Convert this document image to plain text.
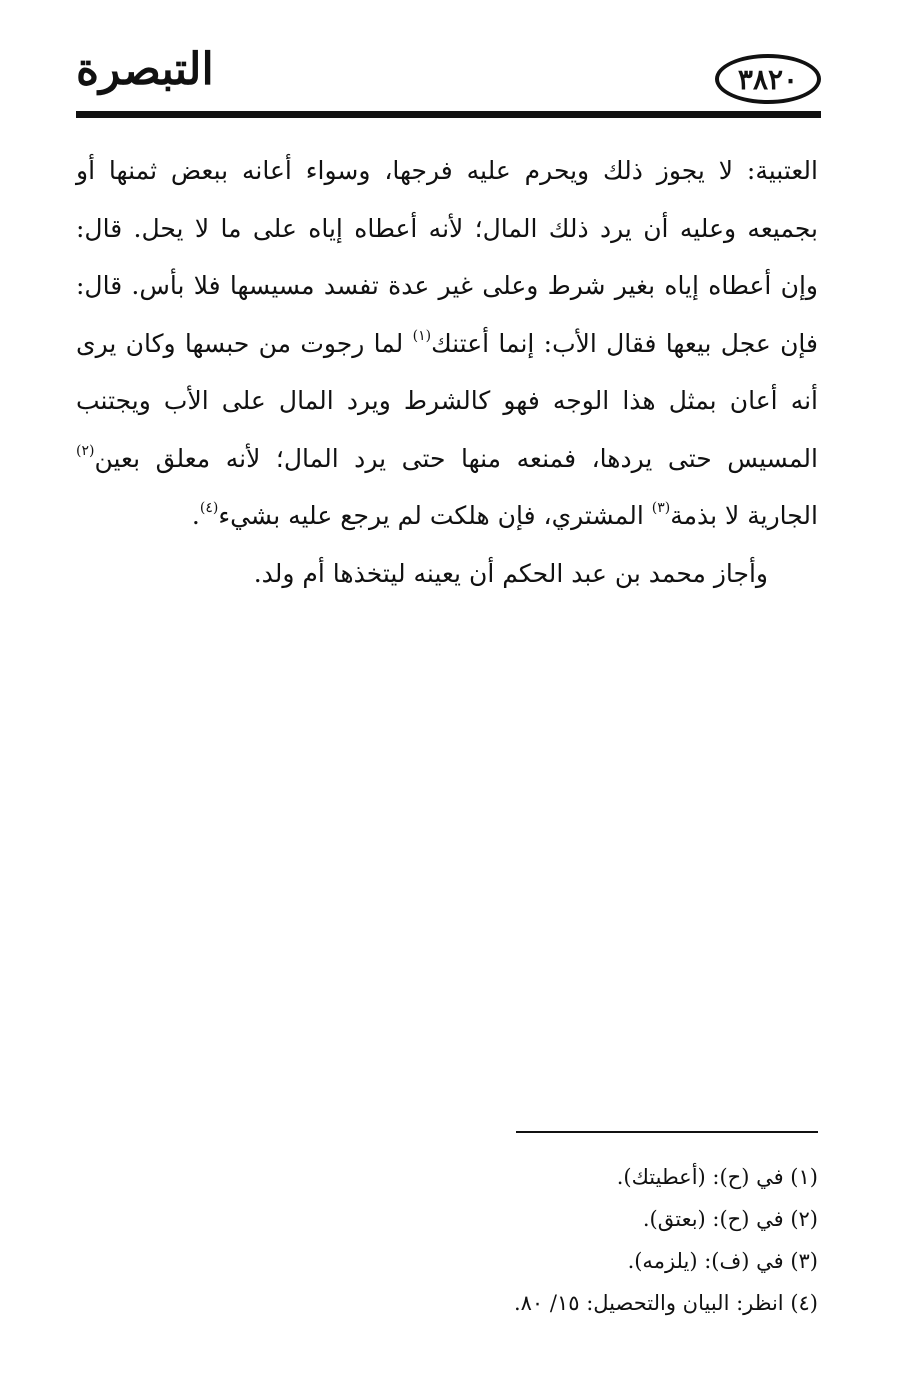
التبصرة	٣٨٢٠

العتبية: لا يجوز ذلك ويحرم عليه فرجها، وسواء أعانه ببعض ثمنها أو بجميعه وعليه أن يرد ذلك المال؛ لأنه أعطاه إياه على ما لا يحل. قال: وإن أعطاه إياه بغير شرط وعلى غير عدة تفسد مسيسها فلا بأس. قال: فإن عجل بيعها فقال الأب: إنما أعتنك$^{(١)}$ لما رجوت من حبسها وكان يرى أنه أعان بمثل هذا الوجه فهو كالشرط ويرد المال على الأب ويجتنب المسيس حتى يردها، فمنعه منها حتى يرد المال؛ لأنه معلق بعين$^{(٢)}$ الجارية لا بذمة$^{(٣)}$ المشتري، فإن هلكت لم يرجع عليه بشيء$^{(٤)}$.

وأجاز محمد بن عبد الحكم أن يعينه ليتخذها أم ولد.

(١) في (ح): (أعطيتك).

(٢) في (ح): (بعتق).

(٣) في (ف): (يلزمه).

(٤) انظر: البيان والتحصيل: ١٥/ ٨٠.
